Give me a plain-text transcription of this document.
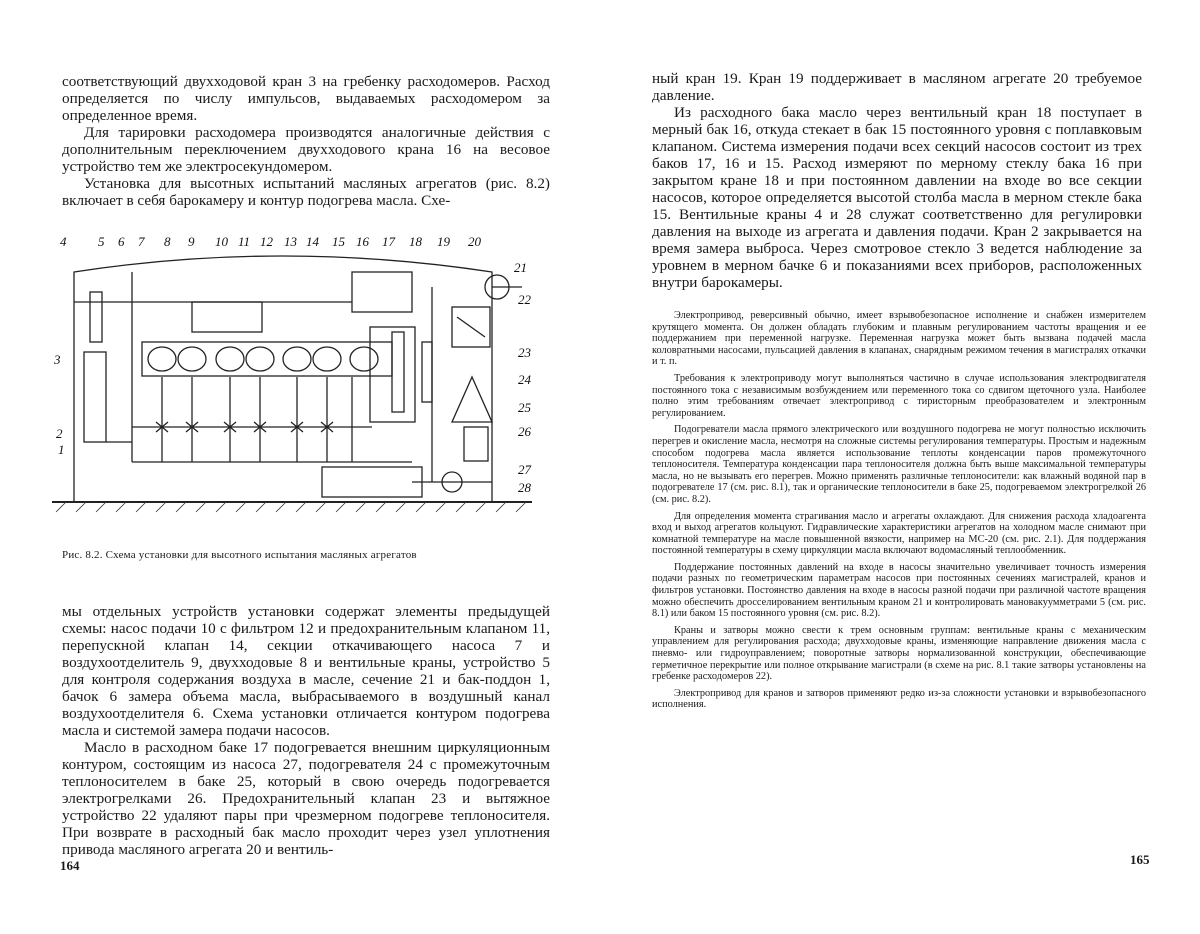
соответствующий двухходовой кран 3 на гребенку расходомеров. Расход определяется по числу импульсов, выдаваемых расходомером за определенное время.

Для тарировки расходомера производятся аналогичные действия с дополнительным переключением двухходового крана 16 на весовое устройство тем же электросекундомером.

Установка для высотных испытаний масляных агрегатов (рис. 8.2) включает в себя барокамеру и контур подогрева масла. Схе-

4 5 6 7 8 9 10 11 12 13 14 15 16 17 18 19 20
21
22
23
24
25
26
27
28
3
2
1
Рис. 8.2. Схема установки для высотного испытания масляных агрегатов

мы отдельных устройств установки содержат элементы предыдущей схемы: насос подачи 10 с фильтром 12 и предохранительным клапаном 11, перепускной клапан 14, секции откачивающего насоса 7 и воздухоотделитель 9, двухходовые 8 и вентильные краны, устройство 5 для контроля содержания воздуха в масле, сечение 21 и бак-поддон 1, бачок 6 замера объема масла, выбрасываемого в воздушный канал воздухоотделителя 6. Схема установки отличается контуром подогрева масла и системой замера подачи насосов.

Масло в расходном баке 17 подогревается внешним циркуляционным контуром, состоящим из насоса 27, подогревателя 24 с промежуточным теплоносителем в баке 25, который в свою очередь подогревается электрогрелками 26. Предохранительный клапан 23 и вытяжное устройство 22 удаляют пары при чрезмерном подогреве теплоносителя. При возврате в расходный бак масло проходит через узел уплотнения привода масляного агрегата 20 и вентиль-

164

ный кран 19. Кран 19 поддерживает в масляном агрегате 20 требуемое давление.

Из расходного бака масло через вентильный кран 18 поступает в мерный бак 16, откуда стекает в бак 15 постоянного уровня с поплавковым клапаном. Система измерения подачи всех секций насосов состоит из трех баков 17, 16 и 15. Расход измеряют по мерному стеклу бака 16 при закрытом кране 18 и при постоянном давлении на входе во все секции насосов, которое определяется высотой столба масла в мерном стекле бака 15. Вентильные краны 4 и 28 служат соответственно для регулировки давления на выходе из агрегата и давления подачи. Кран 2 закрывается на время замера выброса. Через смотровое стекло 3 ведется наблюдение за уровнем в мерном бачке 6 и показаниями всех приборов, расположенных внутри барокамеры.

Электропривод, реверсивный обычно, имеет взрывобезопасное исполнение и снабжен измерителем крутящего момента. Он должен обладать глубоким и плавным регулированием частоты вращения и ее поддержанием при переменной нагрузке. Переменная нагрузка может быть вызвана подачей масла коловратными насосами, пульсацией давления в клапанах, снарядным режимом течения в магистралях откачки и т. п.

Требования к электроприводу могут выполняться частично в случае использования электродвигателя постоянного тока с независимым возбуждением или переменного тока со сдвигом щеточного узла. Наиболее полно этим требованиям отвечает электропривод с тиристорным преобразователем и электронным регулированием.

Подогреватели масла прямого электрического или воздушного подогрева не могут полностью исключить перегрев и окисление масла, несмотря на сложные системы регулирования температуры. Простым и надежным способом подогрева масла является использование теплоты конденсации паров промежуточного теплоносителя. Температура конденсации пара теплоносителя должна быть выше максимальной температуры масла, но не вызывать его перегрев. Можно применять различные теплоносители: как влажный водяной пар в подогревателе 17 (см. рис. 8.1), так и органические теплоносители в баке 25, подогреваемом электрогрелкой 26 (см. рис. 8.2).

Для определения момента страгивания масло и агрегаты охлаждают. Для снижения расхода хладоагента вход и выход агрегатов кольцуют. Гидравлические характеристики агрегатов на холодном масле снимают при комнатной температуре на масле повышенной вязкости, например на МС-20 (см. рис. 2.1). Для поддержания постоянной температуры в схему циркуляции масла включают водомасляный теплообменник.

Поддержание постоянных давлений на входе в насосы значительно увеличивает точность измерения подачи разных по геометрическим параметрам насосов при постоянных сечениях магистралей, кранов и фильтров установки. Постоянство давления на входе в насосы разной подачи при различной частоте вращения можно обеспечить дросселированием вентильным краном 21 и контролировать мановакуумметрами 5 (см. рис. 8.1) или баком 15 постоянного уровня (см. рис. 8.2).

Краны и затворы можно свести к трем основным группам: вентильные краны с механическим управлением для регулирования расхода; двухходовые краны, изменяющие направление движения масла с пневмо- или гидроуправлением; поворотные затворы нормализованной конструкции, обеспечивающие герметичное перекрытие или полное открывание магистрали (в схеме на рис. 8.1 такие затворы установлены на гребенке расходомеров 22).

Электропривод для кранов и затворов применяют редко из-за сложности установки и взрывобезопасного исполнения.

165
